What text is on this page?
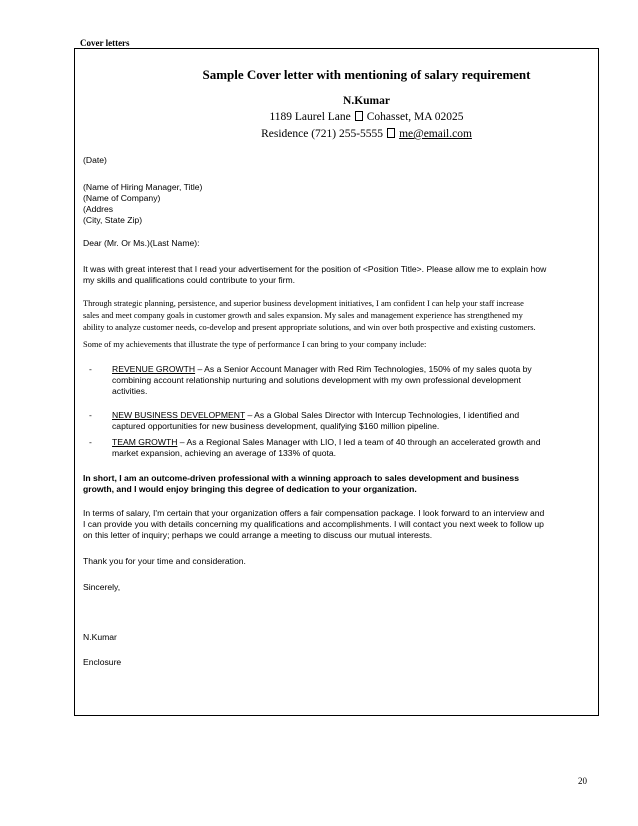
Cover letters
Sample Cover letter with mentioning of salary requirement
N.Kumar
1189 Laurel Lane Cohasset, MA 02025
Residence (721) 255-5555 me@email.com
(Date)
(Name of Hiring Manager, Title)
(Name of Company)
(Addres
(City, State Zip)
Dear (Mr. Or Ms.)(Last Name):
It was with great interest that I read your advertisement for the position of <Position Title>. Please allow me to explain how
my skills and qualifications could contribute to your firm.
Through strategic planning, persistence, and superior business development initiatives, I am confident I can help your staff increase
sales and meet company goals in customer growth and sales expansion. My sales and management experience has strengthened my
ability to analyze customer needs, co-develop and present appropriate solutions, and win over both prospective and existing customers.
Some of my achievements that illustrate the type of performance I can bring to your company include:
- REVENUE GROWTH – As a Senior Account Manager with Red Rim Technologies, 150% of my sales quota by
combining account relationship nurturing and solutions development with my own professional development
activities.
- NEW BUSINESS DEVELOPMENT – As a Global Sales Director with Intercup Technologies, I identified and
captured opportunities for new business development, qualifying $160 million pipeline.
- TEAM GROWTH – As a Regional Sales Manager with LIO, I led a team of 40 through an accelerated growth and
market expansion, achieving an average of 133% of quota.
In short, I am an outcome-driven professional with a winning approach to sales development and business
growth, and I would enjoy bringing this degree of dedication to your organization.
In terms of salary, I'm certain that your organization offers a fair compensation package. I look forward to an interview and
I can provide you with details concerning my qualifications and accomplishments. I will contact you next week to follow up
on this letter of inquiry; perhaps we could arrange a meeting to discuss our mutual interests.
Thank you for your time and consideration.
Sincerely,
N.Kumar
Enclosure
20
